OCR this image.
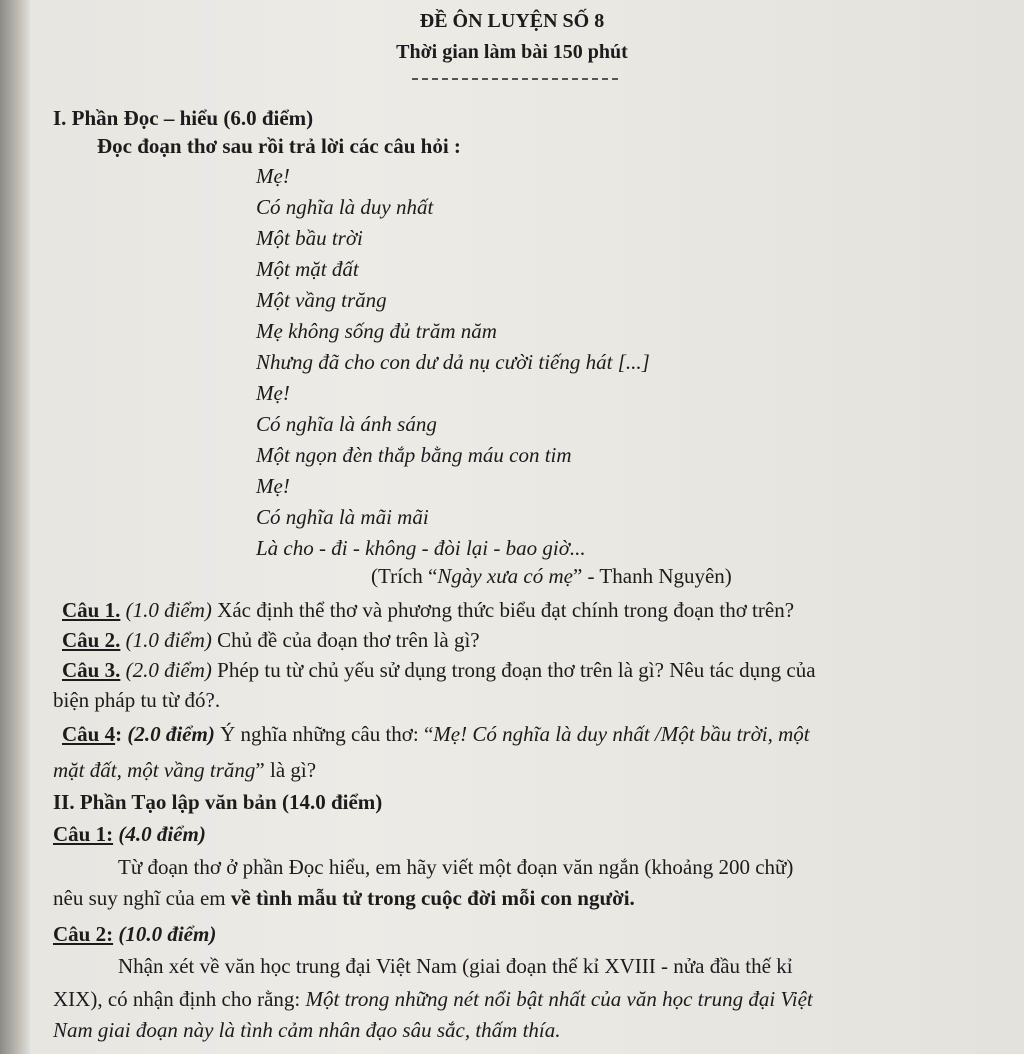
ĐỀ ÔN LUYỆN SỐ 8
Thời gian làm bài 150 phút
I. Phần Đọc – hiểu (6.0 điểm)
Đọc đoạn thơ sau rồi trả lời các câu hỏi :
Mẹ!
Có nghĩa là duy nhất
Một bầu trời
Một mặt đất
Một vầng trăng
Mẹ không sống đủ trăm năm
Nhưng đã cho con dư dả nụ cười tiếng hát [...]
Mẹ!
Có nghĩa là ánh sáng
Một ngọn đèn thắp bằng máu con tim
Mẹ!
Có nghĩa là mãi mãi
Là cho - đi - không - đòi lại - bao giờ...
(Trích “Ngày xưa có mẹ” - Thanh Nguyên)
Câu 1. (1.0 điểm) Xác định thể thơ và phương thức biểu đạt chính trong đoạn thơ trên?
Câu 2. (1.0 điểm) Chủ đề của đoạn thơ trên là gì?
Câu 3. (2.0 điểm) Phép tu từ chủ yếu sử dụng trong đoạn thơ trên là gì? Nêu tác dụng của
biện pháp tu từ đó?.
Câu 4: (2.0 điểm) Ý nghĩa những câu thơ: “Mẹ! Có nghĩa là duy nhất /Một bầu trời, một
mặt đất, một vầng trăng” là gì?
II. Phần Tạo lập văn bản (14.0 điểm)
Câu 1: (4.0 điểm)
Từ đoạn thơ ở phần Đọc hiểu, em hãy viết một đoạn văn ngắn (khoảng 200 chữ)
nêu suy nghĩ của em về tình mẫu tử trong cuộc đời mỗi con người.
Câu 2: (10.0 điểm)
Nhận xét về văn học trung đại Việt Nam (giai đoạn thế kỉ XVIII - nửa đầu thế kỉ
XIX), có nhận định cho rằng: Một trong những nét nổi bật nhất của văn học trung đại Việt
Nam giai đoạn này là tình cảm nhân đạo sâu sắc, thấm thía.
